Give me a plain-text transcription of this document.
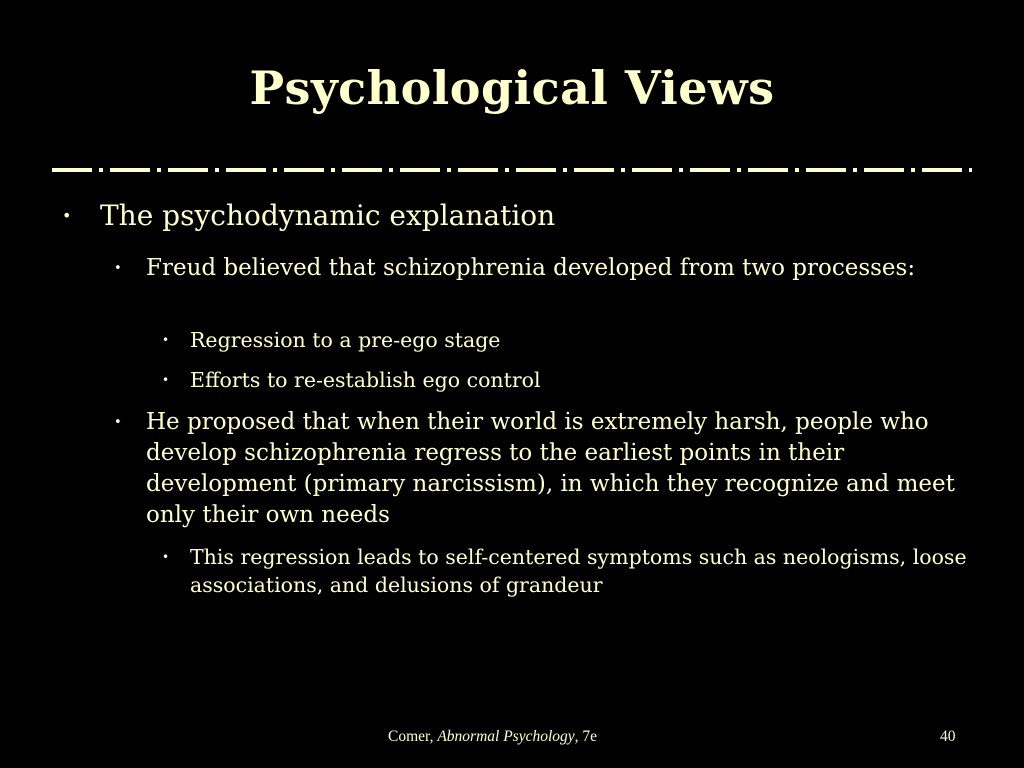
Psychological Views
• The psychodynamic explanation
• Freud believed that schizophrenia developed from two processes:
• Regression to a pre-ego stage
• Efforts to re-establish ego control
• He proposed that when their world is extremely harsh, people who develop schizophrenia regress to the earliest points in their development (primary narcissism), in which they recognize and meet only their own needs
• This regression leads to self-centered symptoms such as neologisms, loose associations, and delusions of grandeur
Comer, Abnormal Psychology, 7e	40
